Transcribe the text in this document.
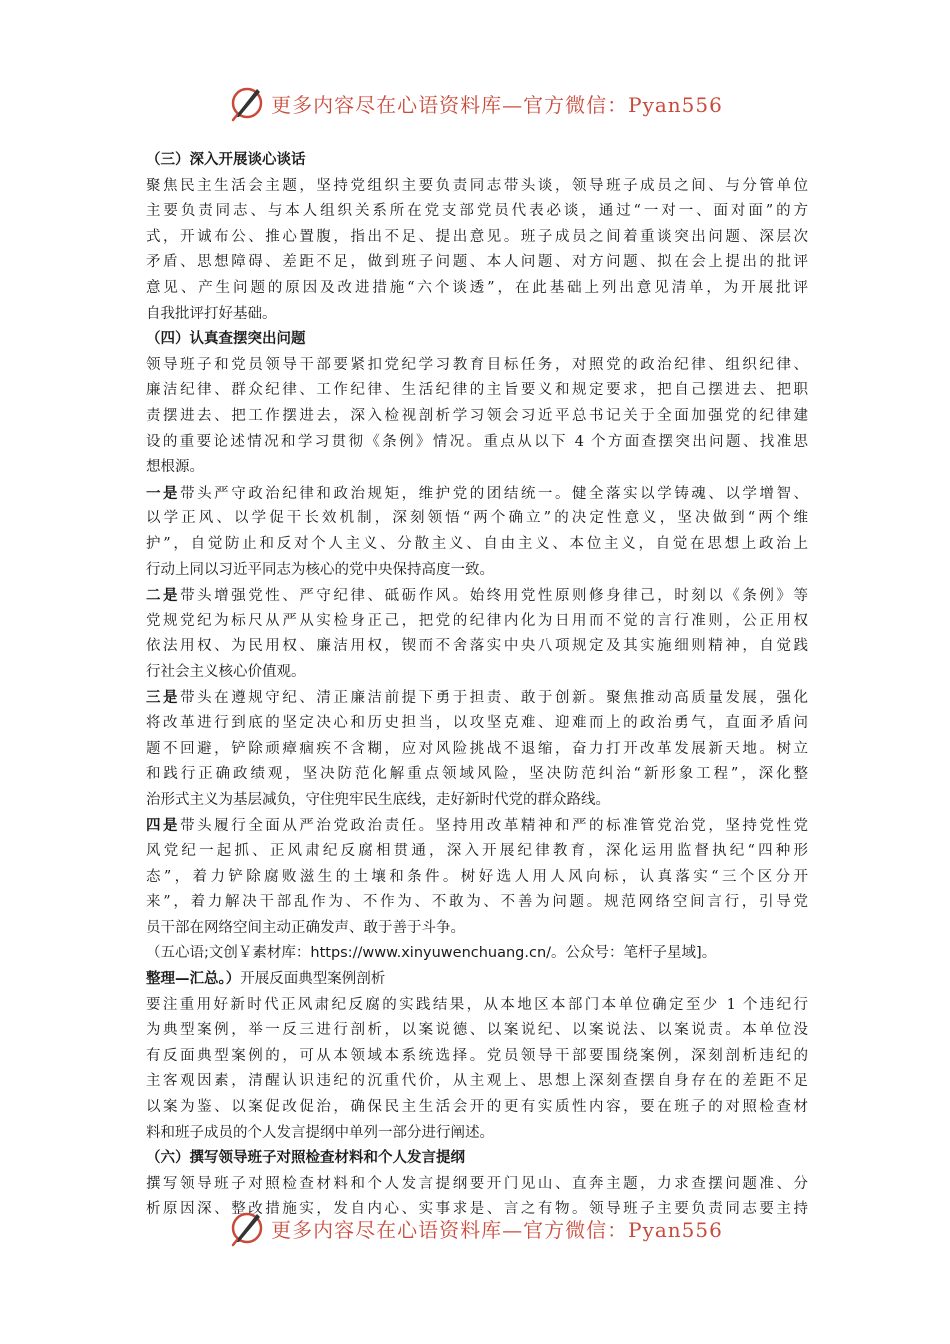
更多内容尽在心语资料库—官方微信：Pyan556
（三）深入开展谈心谈话
聚焦民主生活会主题，坚持党组织主要负责同志带头谈，领导班子成员之间、与分管单位
主要负责同志、与本人组织关系所在党支部党员代表必谈，通过“一对一、面对面”的方
式，开诚布公、推心置腹，指出不足、提出意见。班子成员之间着重谈突出问题、深层次
矛盾、思想障碍、差距不足，做到班子问题、本人问题、对方问题、拟在会上提出的批评
意见、产生问题的原因及改进措施“六个谈透”，在此基础上列出意见清单，为开展批评
自我批评打好基础。
（四）认真查摆突出问题
领导班子和党员领导干部要紧扣党纪学习教育目标任务，对照党的政治纪律、组织纪律、
廉洁纪律、群众纪律、工作纪律、生活纪律的主旨要义和规定要求，把自己摆进去、把职
责摆进去、把工作摆进去，深入检视剖析学习领会习近平总书记关于全面加强党的纪律建
设的重要论述情况和学习贯彻《条例》情况。重点从以下 4 个方面查摆突出问题、找准思
想根源。
一是带头严守政治纪律和政治规矩，维护党的团结统一。健全落实以学铸魂、以学增智、
以学正风、以学促干长效机制，深刻领悟“两个确立”的决定性意义，坚决做到“两个维
护”，自觉防止和反对个人主义、分散主义、自由主义、本位主义，自觉在思想上政治上
行动上同以习近平同志为核心的党中央保持高度一致。
二是带头增强党性、严守纪律、砥砺作风。始终用党性原则修身律己，时刻以《条例》等
党规党纪为标尺从严从实检身正己，把党的纪律内化为日用而不觉的言行准则，公正用权
依法用权、为民用权、廉洁用权，锲而不舍落实中央八项规定及其实施细则精神，自觉践
行社会主义核心价值观。
三是带头在遵规守纪、清正廉洁前提下勇于担责、敢于创新。聚焦推动高质量发展，强化
将改革进行到底的坚定决心和历史担当，以攻坚克难、迎难而上的政治勇气，直面矛盾问
题不回避，铲除顽瘴痼疾不含糊，应对风险挑战不退缩，奋力打开改革发展新天地。树立
和践行正确政绩观，坚决防范化解重点领域风险，坚决防范纠治“新形象工程”，深化整
治形式主义为基层减负，守住兜牢民生底线，走好新时代党的群众路线。
四是带头履行全面从严治党政治责任。坚持用改革精神和严的标准管党治党，坚持党性党
风党纪一起抓、正风肃纪反腐相贯通，深入开展纪律教育，深化运用监督执纪“四种形
态”，着力铲除腐败滋生的土壤和条件。树好选人用人风向标，认真落实“三个区分开
来”，着力解决干部乱作为、不作为、不敢为、不善为问题。规范网络空间言行，引导党
员干部在网络空间主动正确发声、敢于善于斗争。
（五心语;文创￥素材库：https://www.xinyuwenchuang.cn/。公众号：笔杆子星域]。
整理—汇总。）开展反面典型案例剖析
要注重用好新时代正风肃纪反腐的实践结果，从本地区本部门本单位确定至少 1 个违纪行
为典型案例，举一反三进行剖析，以案说德、以案说纪、以案说法、以案说责。本单位没
有反面典型案例的，可从本领域本系统选择。党员领导干部要围绕案例，深刻剖析违纪的
主客观因素，清醒认识违纪的沉重代价，从主观上、思想上深刻查摆自身存在的差距不足
以案为鉴、以案促改促治，确保民主生活会开的更有实质性内容，要在班子的对照检查材
料和班子成员的个人发言提纲中单列一部分进行阐述。
（六）撰写领导班子对照检查材料和个人发言提纲
撰写领导班子对照检查材料和个人发言提纲要开门见山、直奔主题，力求查摆问题准、分
析原因深、整改措施实，发自内心、实事求是、言之有物。领导班子主要负责同志要主持
更多内容尽在心语资料库—官方微信：Pyan556
